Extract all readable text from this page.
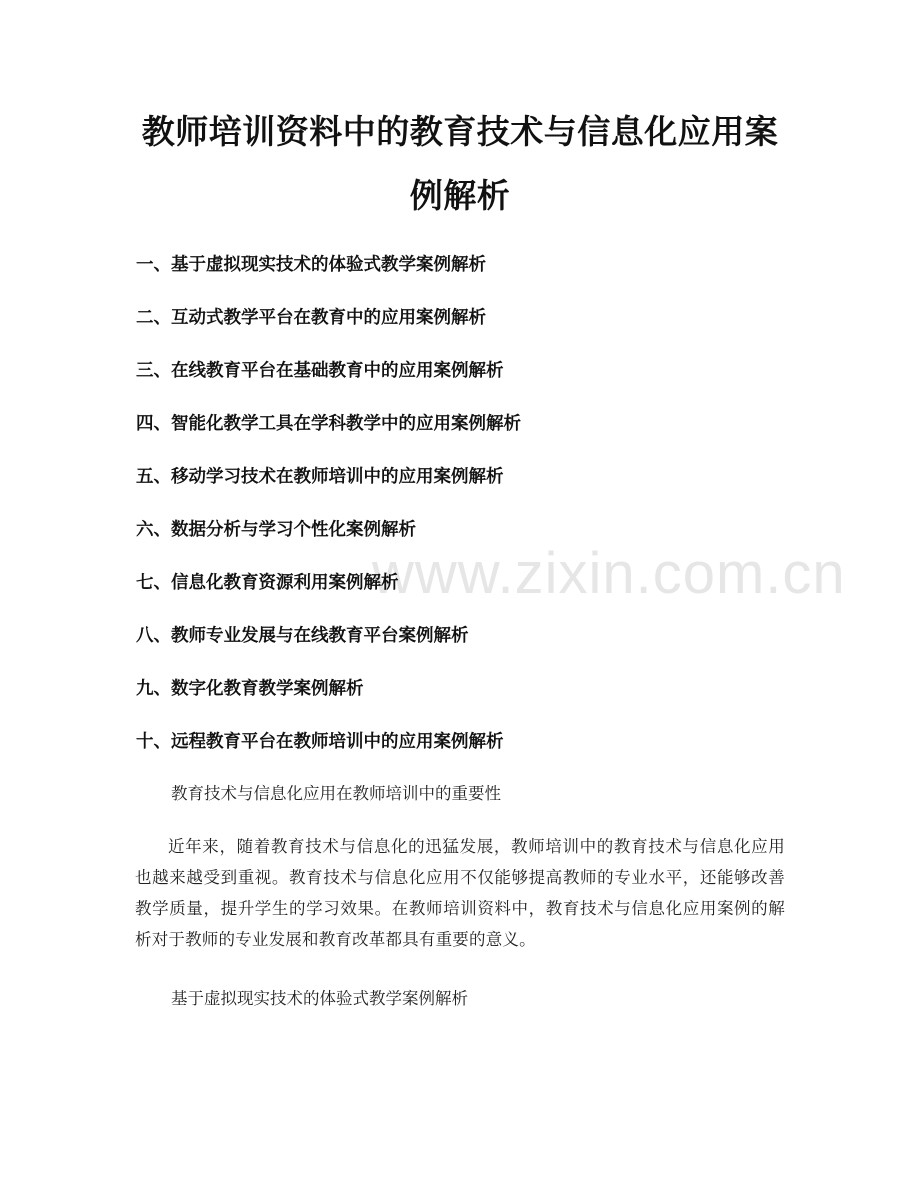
www.zixin.com.cn
教师培训资料中的教育技术与信息化应用案例解析
一、基于虚拟现实技术的体验式教学案例解析
二、互动式教学平台在教育中的应用案例解析
三、在线教育平台在基础教育中的应用案例解析
四、智能化教学工具在学科教学中的应用案例解析
五、移动学习技术在教师培训中的应用案例解析
六、数据分析与学习个性化案例解析
七、信息化教育资源利用案例解析
八、教师专业发展与在线教育平台案例解析
九、数字化教育教学案例解析
十、远程教育平台在教师培训中的应用案例解析

教育技术与信息化应用在教师培训中的重要性

近年来，随着教育技术与信息化的迅猛发展，教师培训中的教育技术与信息化应用也越来越受到重视。教育技术与信息化应用不仅能够提高教师的专业水平，还能够改善教学质量，提升学生的学习效果。在教师培训资料中，教育技术与信息化应用案例的解析对于教师的专业发展和教育改革都具有重要的意义。

基于虚拟现实技术的体验式教学案例解析
